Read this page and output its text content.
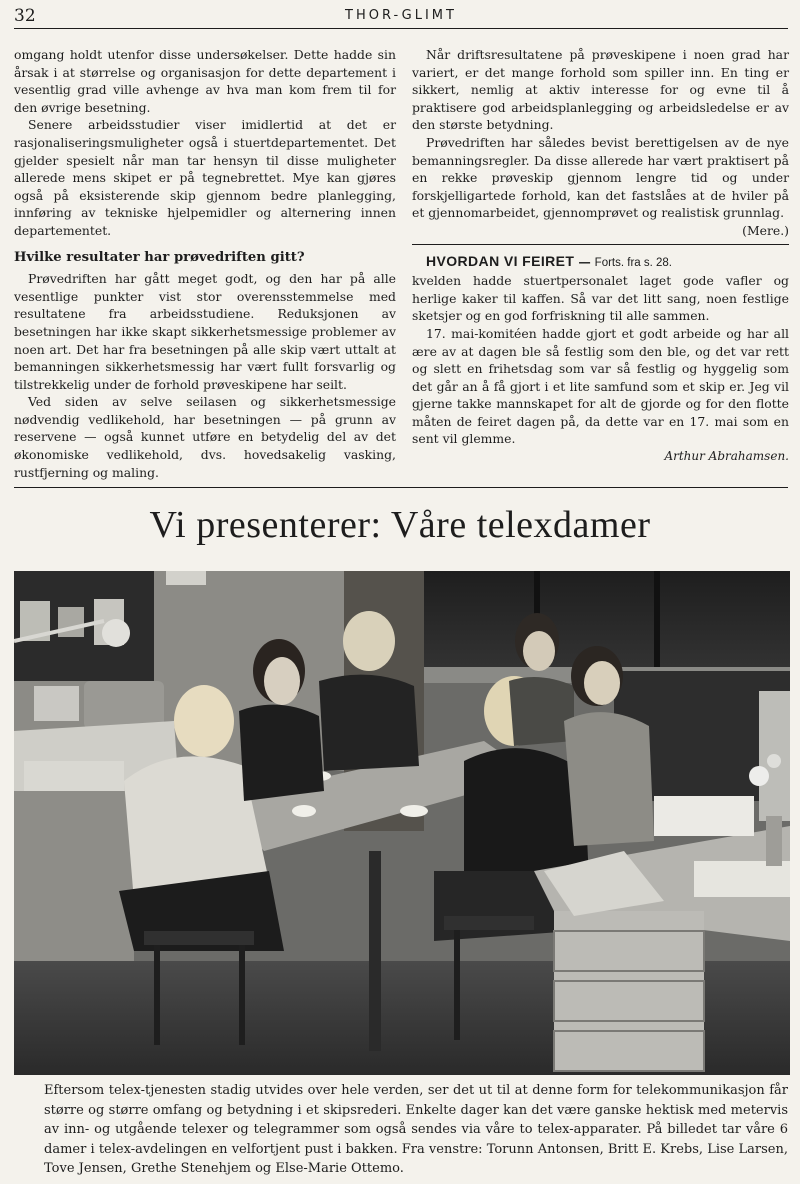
32	THOR-GLIMT

omgang holdt utenfor disse undersøkelser. Dette hadde sin årsak i at størrelse og organisasjon for dette departement i vesentlig grad ville avhenge av hva man kom frem til for den øvrige besetning.

Senere arbeidsstudier viser imidlertid at det er rasjonaliseringsmuligheter også i stuertdepartementet. Det gjelder spesielt når man tar hensyn til disse muligheter allerede mens skipet er på tegnebrettet. Mye kan gjøres også på eksisterende skip gjennom bedre planlegging, innføring av tekniske hjelpemidler og alternering innen departementet.

Hvilke resultater har prøvedriften gitt?

Prøvedriften har gått meget godt, og den har på alle vesentlige punkter vist stor overensstemmelse med resultatene fra arbeidsstudiene. Reduksjonen av besetningen har ikke skapt sikkerhetsmessige problemer av noen art. Det har fra besetningen på alle skip vært uttalt at bemanningen sikkerhetsmessig har vært fullt forsvarlig og tilstrekkelig under de forhold prøveskipene har seilt.

Ved siden av selve seilasen og sikkerhetsmessige nødvendig vedlikehold, har besetningen — på grunn av reservene — også kunnet utføre en betydelig del av det økonomiske vedlikehold, dvs. hovedsakelig vasking, rustfjerning og maling.

Når driftsresultatene på prøveskipene i noen grad har variert, er det mange forhold som spiller inn. En ting er sikkert, nemlig at aktiv interesse for og evne til å praktisere god arbeidsplanlegging og arbeidsledelse er av den største betydning.

Prøvedriften har således bevist berettigelsen av de nye bemanningsregler. Da disse allerede har vært praktisert på en rekke prøveskip gjennom lengre tid og under forskjelligartede forhold, kan det fastslåes at de hviler på et gjennomarbeidet, gjennomprøvet og realistisk grunnlag.

(Mere.)

HVORDAN VI FEIRET — Forts. fra s. 28.

kvelden hadde stuertpersonalet laget gode vafler og herlige kaker til kaffen. Så var det litt sang, noen festlige sketsjer og en god forfriskning til alle sammen.

17. mai-komitéen hadde gjort et godt arbeide og har all ære av at dagen ble så festlig som den ble, og det var rett og slett en frihetsdag som var så festlig og hyggelig som det går an å få gjort i et lite samfund som et skip er. Jeg vil gjerne takke mannskapet for alt de gjorde og for den flotte måten de feiret dagen på, da dette var en 17. mai som en sent vil glemme.

Arthur Abrahamsen.

Vi presenterer: Våre telexdamer
Eftersom telex-tjenesten stadig utvides over hele verden, ser det ut til at denne form for telekommunikasjon får større og større omfang og betydning i et skipsrederi. Enkelte dager kan det være ganske hektisk med metervis av inn- og utgående telexer og telegrammer som også sendes via våre to telex-apparater. På billedet tar våre 6 damer i telex-avdelingen en velfortjent pust i bakken. Fra venstre: Torunn Antonsen, Britt E. Krebs, Lise Larsen, Tove Jensen, Grethe Stenehjem og Else-Marie Ottemo.
